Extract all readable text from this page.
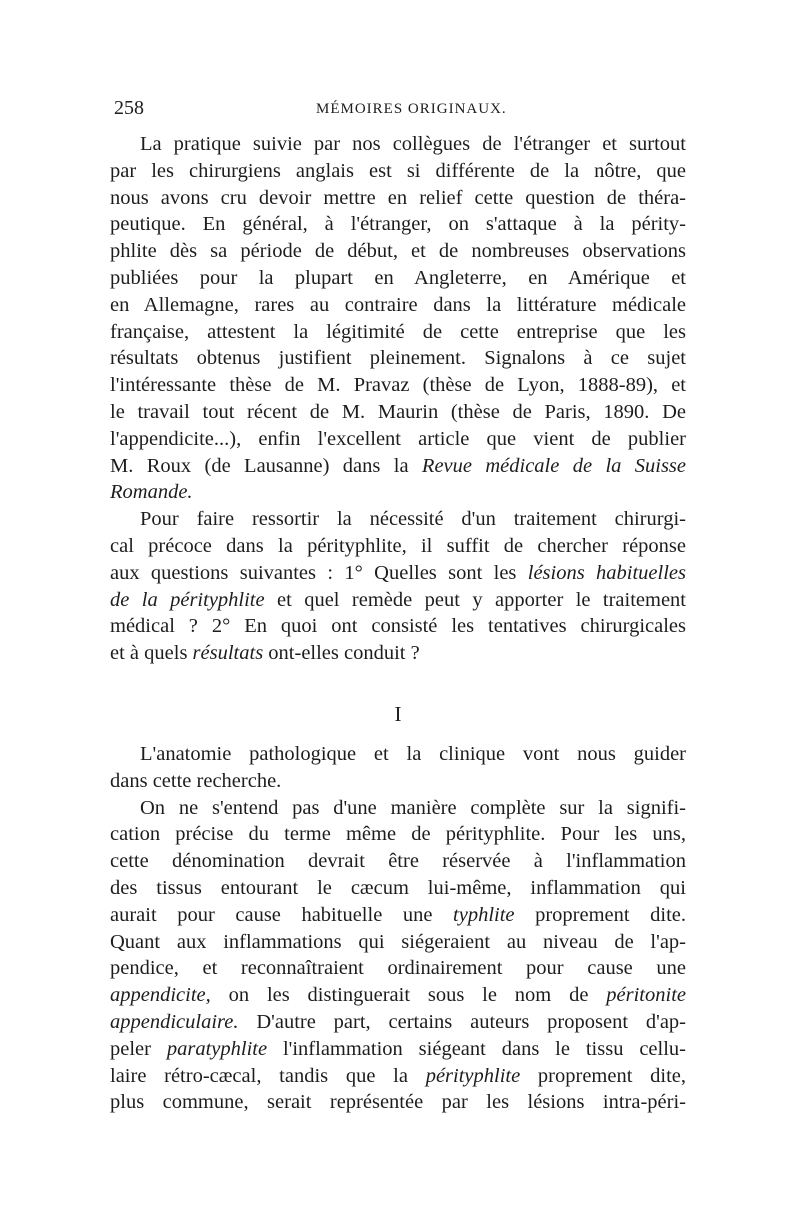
258	MÉMOIRES ORIGINAUX.

La pratique suivie par nos collègues de l'étranger et surtout
par les chirurgiens anglais est si différente de la nôtre, que
nous avons cru devoir mettre en relief cette question de théra-
peutique. En général, à l'étranger, on s'attaque à la périty-
phlite dès sa période de début, et de nombreuses observations
publiées pour la plupart en Angleterre, en Amérique et
en Allemagne, rares au contraire dans la littérature médicale
française, attestent la légitimité de cette entreprise que les
résultats obtenus justifient pleinement. Signalons à ce sujet
l'intéressante thèse de M. Pravaz (thèse de Lyon, 1888-89), et
le travail tout récent de M. Maurin (thèse de Paris, 1890. De
l'appendicite...), enfin l'excellent article que vient de publier
M. Roux (de Lausanne) dans la Revue médicale de la Suisse
Romande.

Pour faire ressortir la nécessité d'un traitement chirurgi-
cal précoce dans la pérityphlite, il suffit de chercher réponse
aux questions suivantes : 1° Quelles sont les lésions habituelles
de la pérityphlite et quel remède peut y apporter le traitement
médical ? 2° En quoi ont consisté les tentatives chirurgicales
et à quels résultats ont-elles conduit ?

I

L'anatomie pathologique et la clinique vont nous guider
dans cette recherche.

On ne s'entend pas d'une manière complète sur la signifi-
cation précise du terme même de pérityphlite. Pour les uns,
cette dénomination devrait être réservée à l'inflammation
des tissus entourant le cæcum lui-même, inflammation qui
aurait pour cause habituelle une typhlite proprement dite.
Quant aux inflammations qui siégeraient au niveau de l'ap-
pendice, et reconnaîtraient ordinairement pour cause une
appendicite, on les distinguerait sous le nom de péritonite
appendiculaire. D'autre part, certains auteurs proposent d'ap-
peler paratyphlite l'inflammation siégeant dans le tissu cellu-
laire rétro-cæcal, tandis que la pérityphlite proprement dite,
plus commune, serait représentée par les lésions intra-péri-
